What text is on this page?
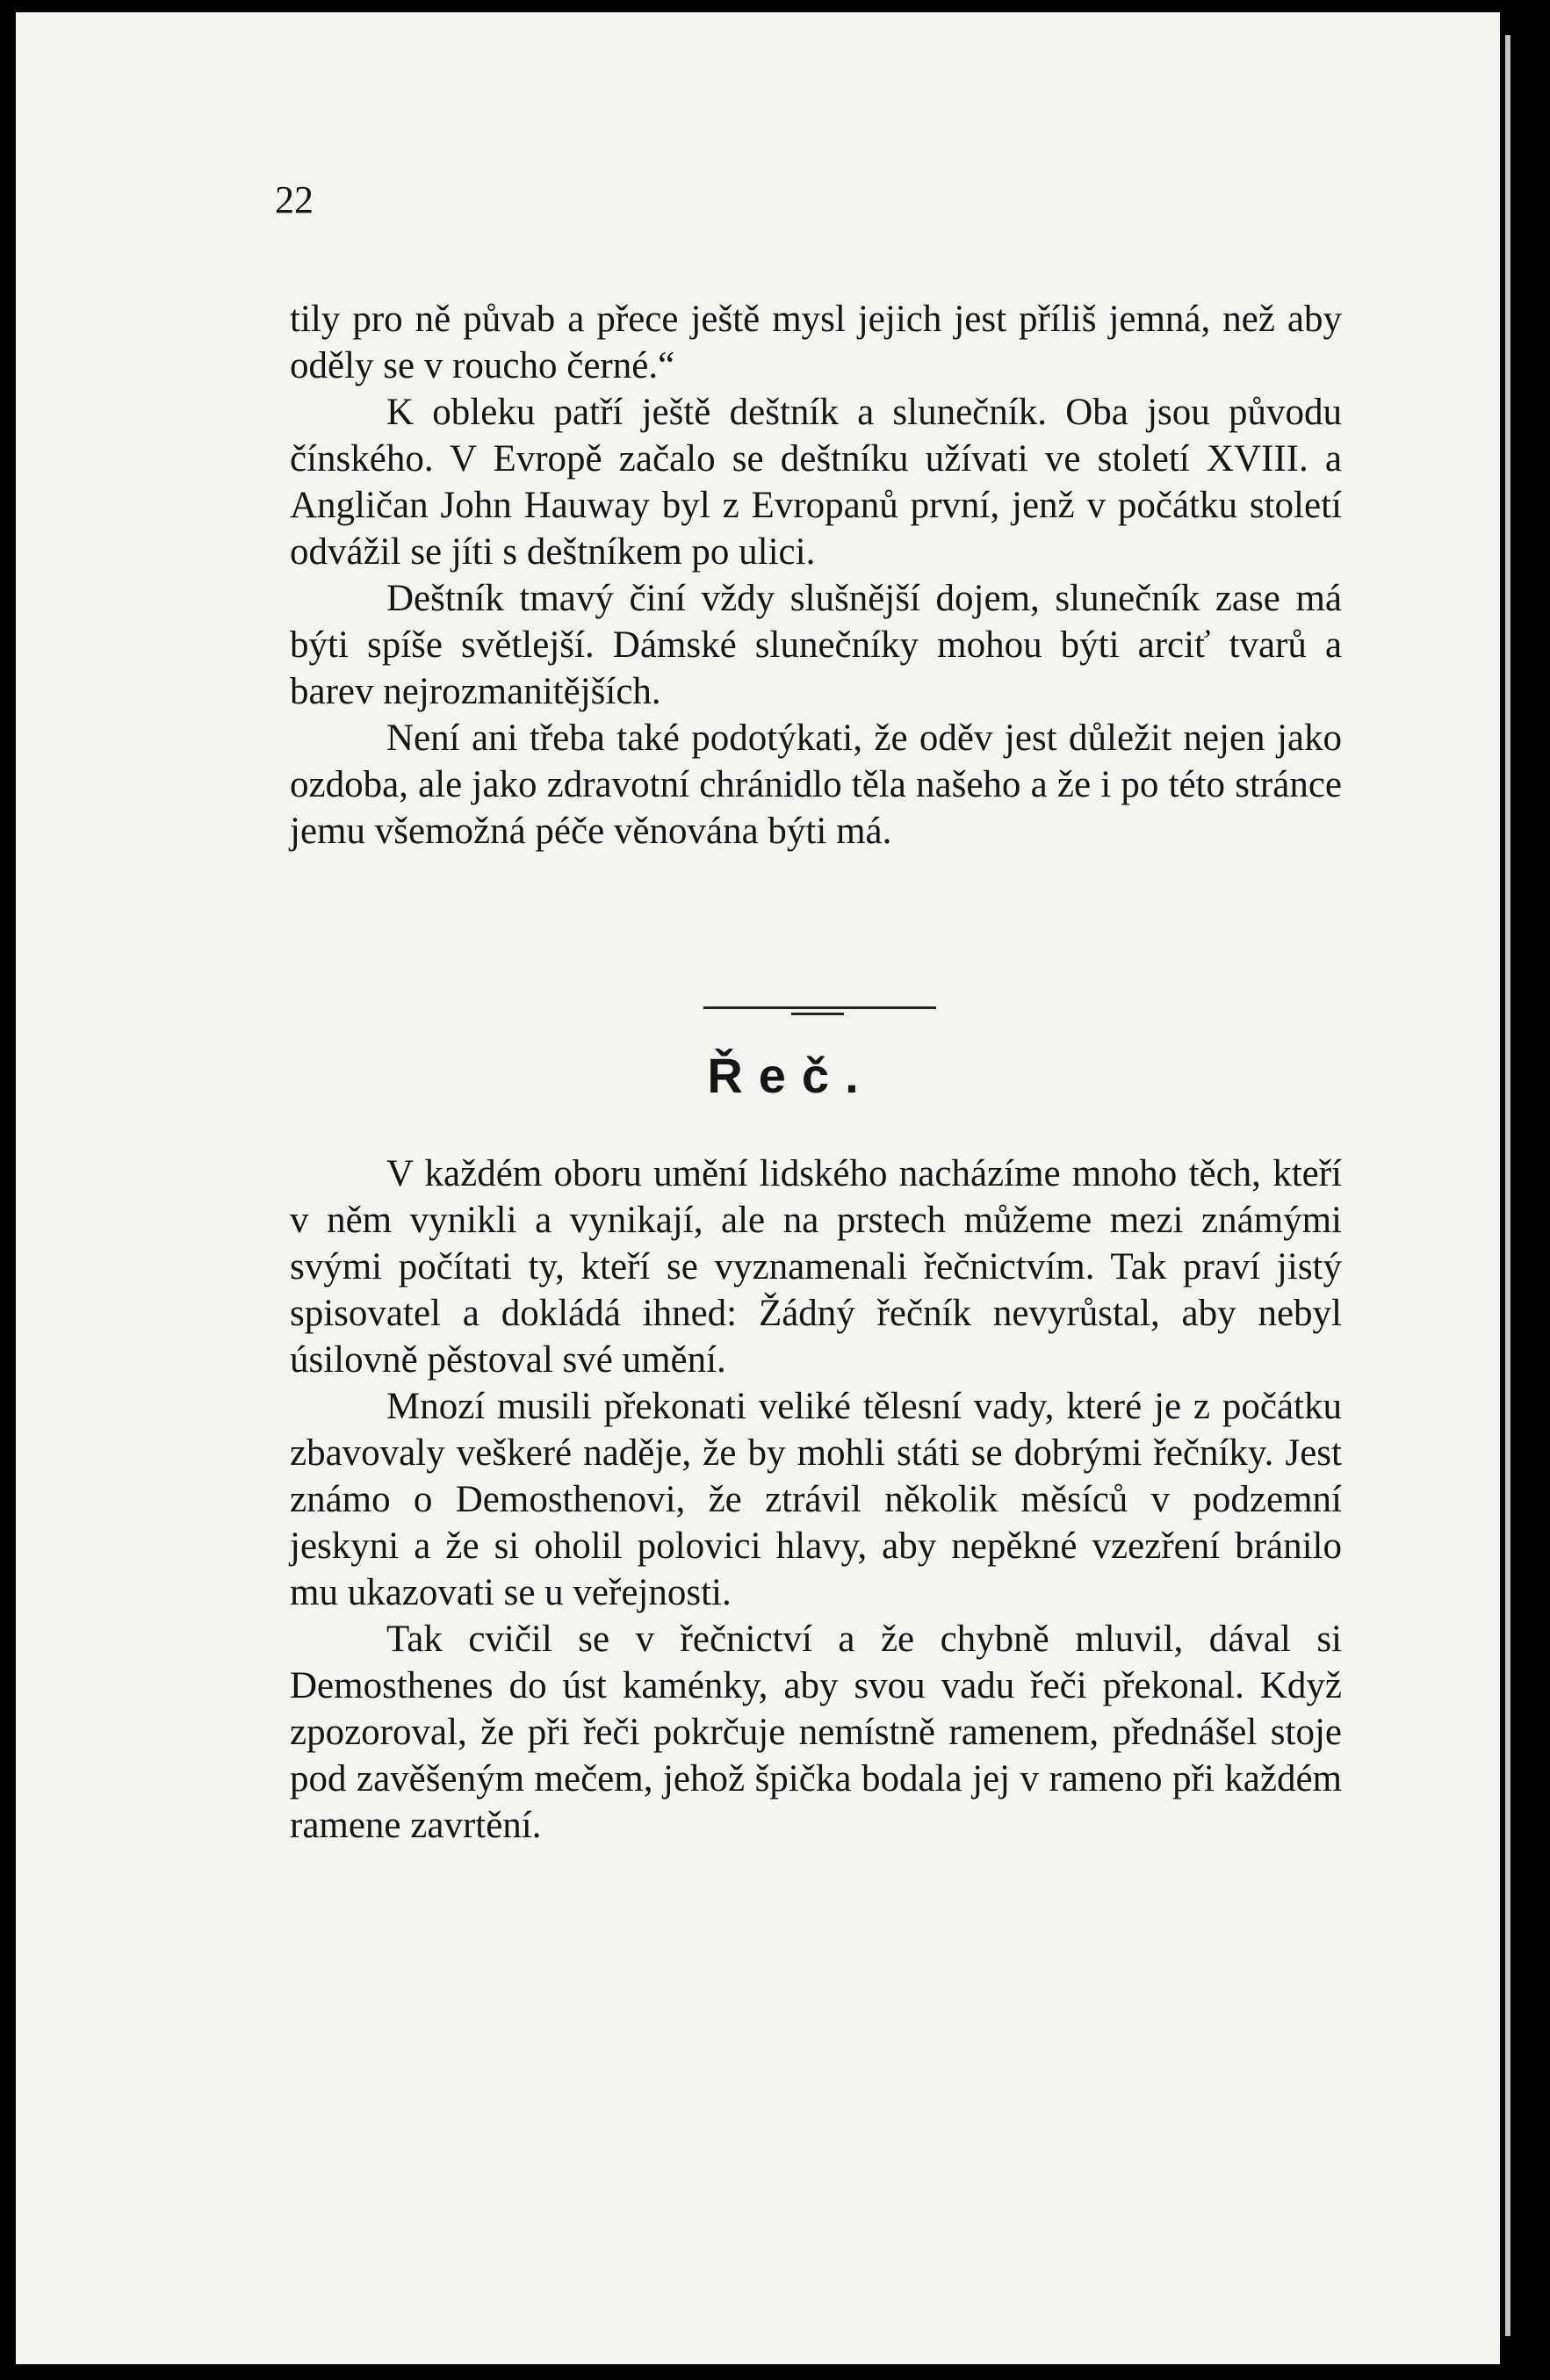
22

tily pro ně půvab a přece ještě mysl jejich jest příliš jemná, než aby oděly se v roucho černé.“

K obleku patří ještě deštník a slunečník. Oba jsou původu čínského. V Evropě začalo se deštníku užívati ve století XVIII. a Angličan John Hauway byl z Evropanů první, jenž v počátku století odvážil se jíti s deštníkem po ulici.

Deštník tmavý činí vždy slušnější dojem, slunečník zase má býti spíše světlejší. Dámské slunečníky mohou býti arciť tvarů a barev nejrozmanitějších.

Není ani třeba také podotýkati, že oděv jest důležit nejen jako ozdoba, ale jako zdravotní chránidlo těla našeho a že i po této stránce jemu všemožná péče věnována býti má.

Řeč.

V každém oboru umění lidského nacházíme mnoho těch, kteří v něm vynikli a vynikají, ale na prstech můžeme mezi známými svými počítati ty, kteří se vyznamenali řečnictvím. Tak praví jistý spisovatel a dokládá ihned: Žádný řečník nevyrůstal, aby nebyl úsilovně pěstoval své umění.

Mnozí musili překonati veliké tělesní vady, které je z počátku zbavovaly veškeré naděje, že by mohli státi se dobrými řečníky. Jest známo o Demosthenovi, že ztrávil několik měsíců v podzemní jeskyni a že si oholil polovici hlavy, aby nepěkné vzezření bránilo mu ukazovati se u veřejnosti.

Tak cvičil se v řečnictví a že chybně mluvil, dával si Demosthenes do úst kaménky, aby svou vadu řeči překonal. Když zpozoroval, že při řeči pokrčuje nemístně ramenem, přednášel stoje pod zavěšeným mečem, jehož špička bodala jej v rameno při každém ramene zavrtění.
